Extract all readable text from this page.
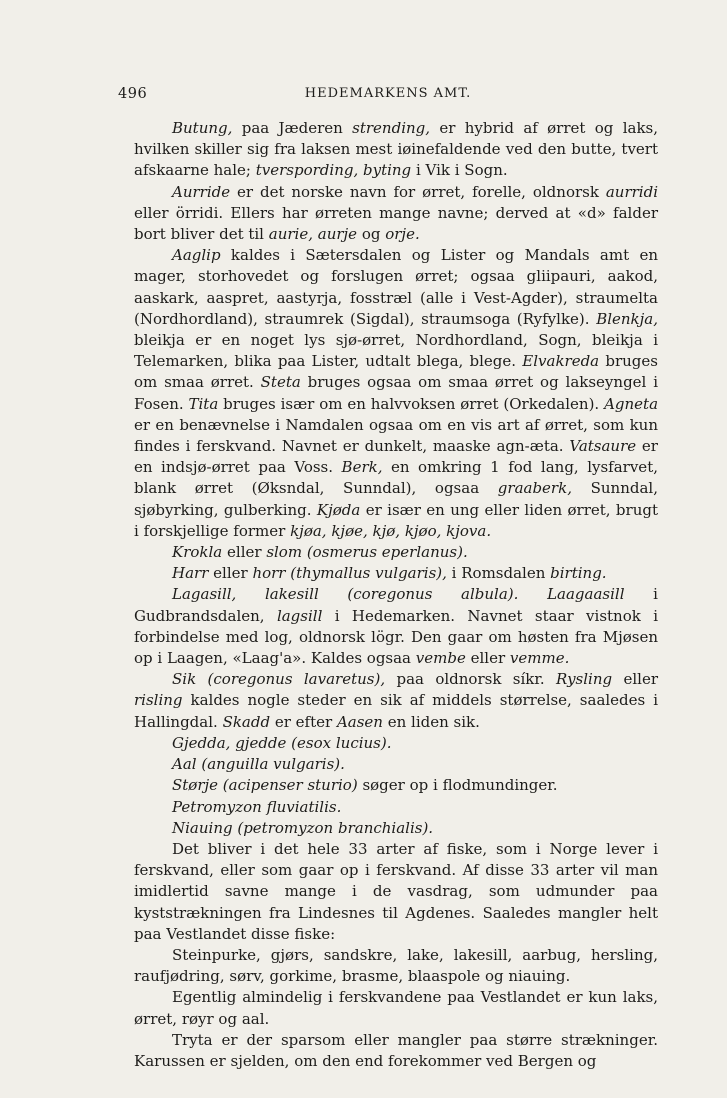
496	HEDEMARKENS AMT.

Butung, paa Jæderen strending, er hybrid af ørret og laks, hvilken skiller sig fra laksen mest iøinefaldende ved den butte, tvert afskaarne hale; tverspording, byting i Vik i Sogn.

Aurride er det norske navn for ørret, forelle, oldnorsk aurridi eller örridi. Ellers har ørreten mange navne; derved at «d» falder bort bliver det til aurie, aurje og orje.

Aaglip kaldes i Sætersdalen og Lister og Mandals amt en mager, storhovedet og forslugen ørret; ogsaa gliipauri, aakod, aaskark, aaspret, aastyrja, fosstræl (alle i Vest-Agder), straumelta (Nordhordland), straumrek (Sigdal), straumsoga (Ryfylke). Blenkja, bleikja er en noget lys sjø-ørret, Nordhordland, Sogn, bleikja i Telemarken, blika paa Lister, udtalt blega, blege. Elvakreda bruges om smaa ørret. Steta bruges ogsaa om smaa ørret og lakseyngel i Fosen. Tita bruges især om en halvvoksen ørret (Orkedalen). Agneta er en benævnelse i Namdalen ogsaa om en vis art af ørret, som kun findes i ferskvand. Navnet er dunkelt, maaske agn-æta. Vatsaure er en indsjø-ørret paa Voss. Berk, en omkring 1 fod lang, lysfarvet, blank ørret (Øksndal, Sunndal), ogsaa graaberk, Sunndal, sjøbyrking, gulberking. Kjøda er især en ung eller liden ørret, brugt i forskjellige former kjøa, kjøe, kjø, kjøo, kjova.

Krokla eller slom (osmerus eperlanus).

Harr eller horr (thymallus vulgaris), i Romsdalen birting.

Lagasill, lakesill (coregonus albula). Laagaasill i Gudbrandsdalen, lagsill i Hedemarken. Navnet staar vistnok i forbindelse med log, oldnorsk lögr. Den gaar om høsten fra Mjøsen op i Laagen, «Laag'a». Kaldes ogsaa vembe eller vemme.

Sik (coregonus lavaretus), paa oldnorsk síkr. Rysling eller risling kaldes nogle steder en sik af middels størrelse, saaledes i Hallingdal. Skadd er efter Aasen en liden sik.

Gjedda, gjedde (esox lucius).

Aal (anguilla vulgaris).

Størje (acipenser sturio) søger op i flodmundinger.

Petromyzon fluviatilis.

Niauing (petromyzon branchialis).

Det bliver i det hele 33 arter af fiske, som i Norge lever i ferskvand, eller som gaar op i ferskvand. Af disse 33 arter vil man imidlertid savne mange i de vasdrag, som udmunder paa kyststrækningen fra Lindesnes til Agdenes. Saaledes mangler helt paa Vestlandet disse fiske:

Steinpurke, gjørs, sandskre, lake, lakesill, aarbug, hersling, raufjødring, sørv, gorkime, brasme, blaaspole og niauing.

Egentlig almindelig i ferskvandene paa Vestlandet er kun laks, ørret, røyr og aal.

Tryta er der sparsom eller mangler paa større strækninger. Karussen er sjelden, om den end forekommer ved Bergen og
